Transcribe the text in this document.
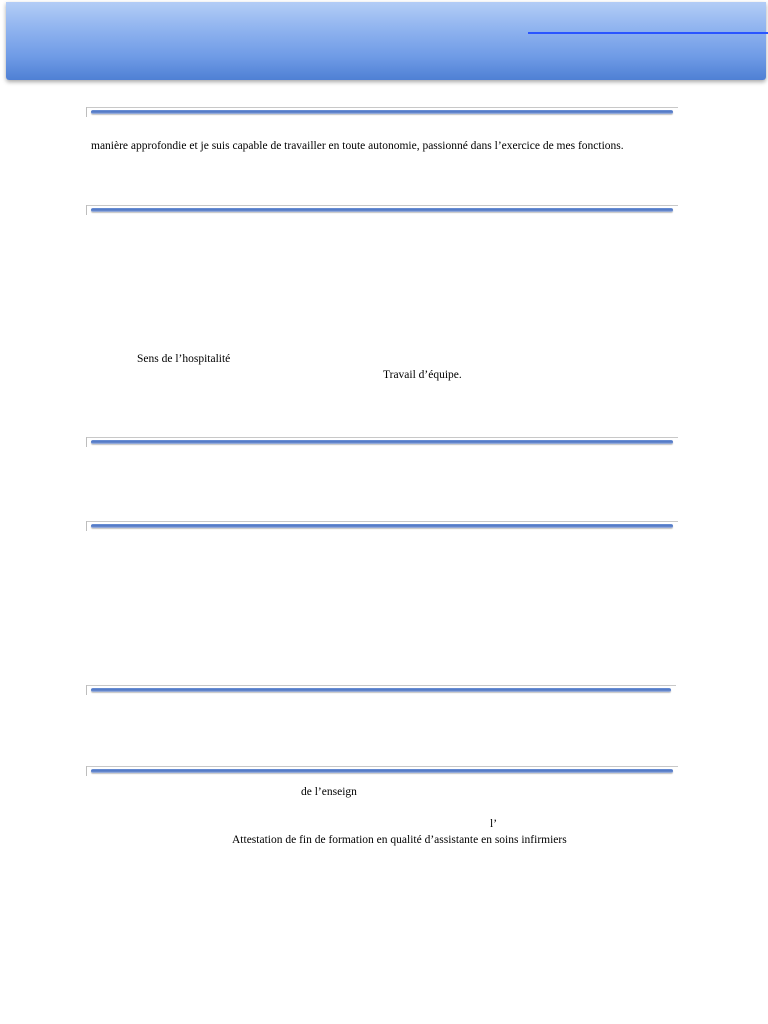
manière approfondie et je suis capable de travailler en toute autonomie, passionné dans l’exercice de mes fonctions.
Sens de l’hospitalité
Travail d’équipe.
de l’enseign
l’
Attestation de fin de formation en qualité d’assistante en soins infirmiers
